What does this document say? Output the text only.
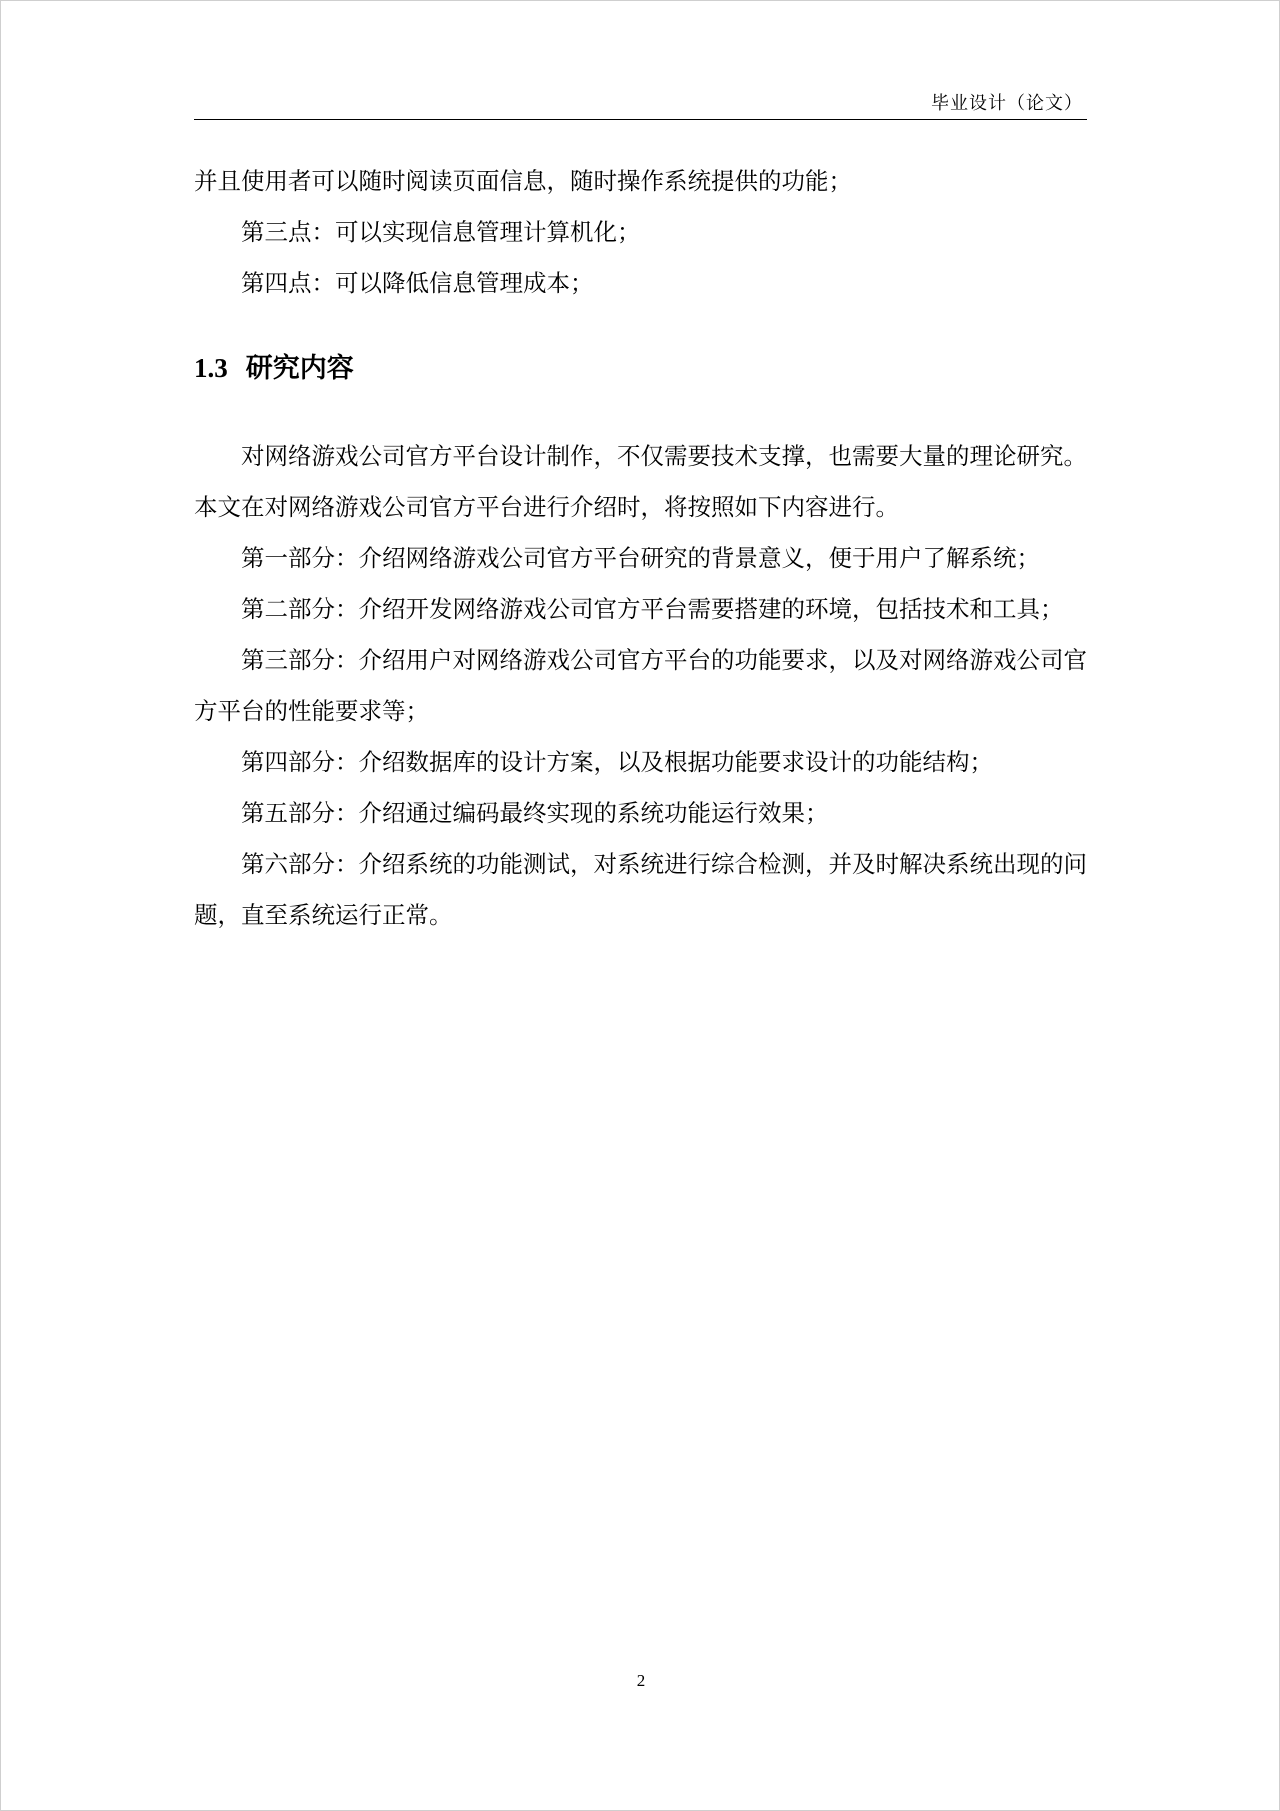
毕业设计（论文）

并且使用者可以随时阅读页面信息，随时操作系统提供的功能；

第三点：可以实现信息管理计算机化；

第四点：可以降低信息管理成本；

1.3 研究内容

对网络游戏公司官方平台设计制作，不仅需要技术支撑，也需要大量的理论研究。本文在对网络游戏公司官方平台进行介绍时，将按照如下内容进行。

第一部分：介绍网络游戏公司官方平台研究的背景意义，便于用户了解系统；

第二部分：介绍开发网络游戏公司官方平台需要搭建的环境，包括技术和工具；

第三部分：介绍用户对网络游戏公司官方平台的功能要求，以及对网络游戏公司官方平台的性能要求等；

第四部分：介绍数据库的设计方案，以及根据功能要求设计的功能结构；

第五部分：介绍通过编码最终实现的系统功能运行效果；

第六部分：介绍系统的功能测试，对系统进行综合检测，并及时解决系统出现的问题，直至系统运行正常。

2
